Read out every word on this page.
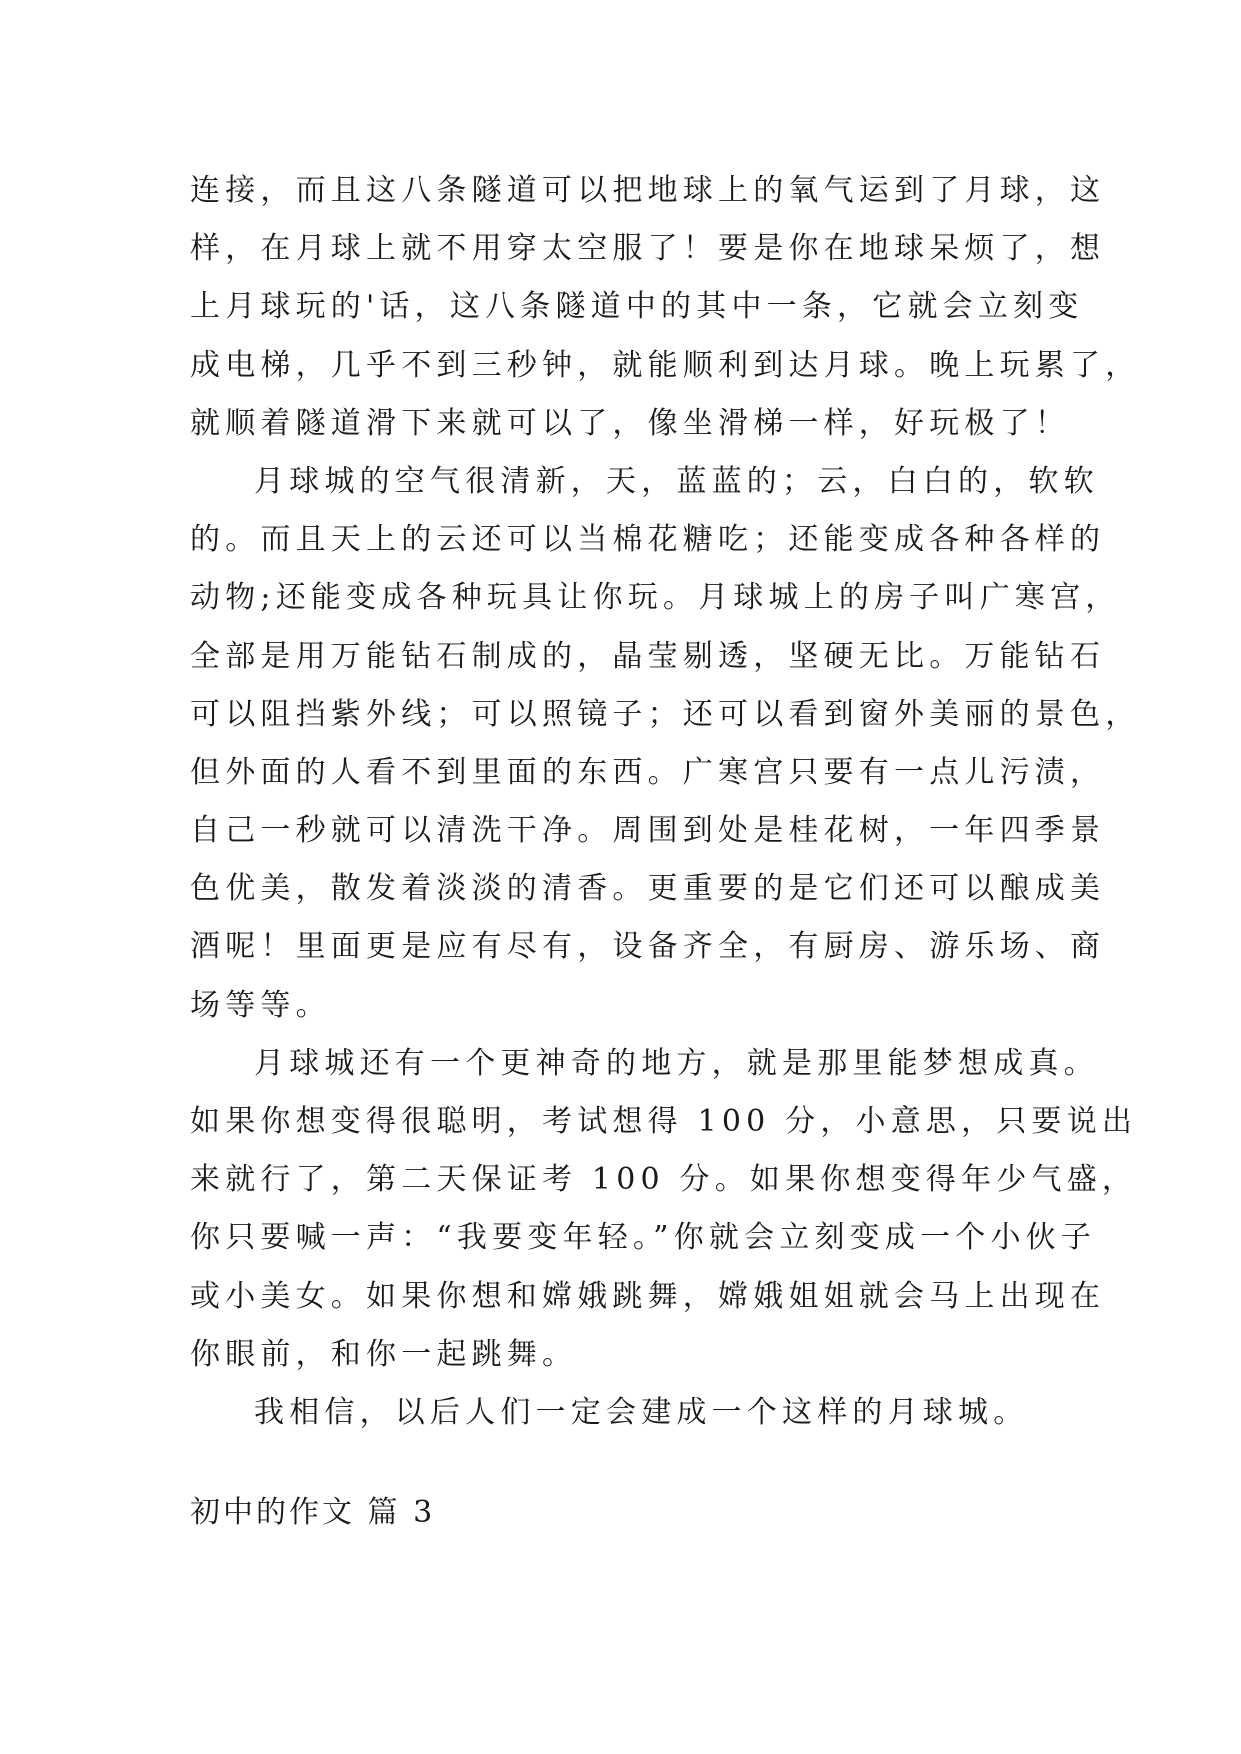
连接，而且这八条隧道可以把地球上的氧气运到了月球，这
样，在月球上就不用穿太空服了！要是你在地球呆烦了，想
上月球玩的'话，这八条隧道中的其中一条，它就会立刻变
成电梯，几乎不到三秒钟，就能顺利到达月球。晚上玩累了，
就顺着隧道滑下来就可以了，像坐滑梯一样，好玩极了！
月球城的空气很清新，天，蓝蓝的；云，白白的，软软
的。而且天上的云还可以当棉花糖吃；还能变成各种各样的
动物;还能变成各种玩具让你玩。月球城上的房子叫广寒宫，
全部是用万能钻石制成的，晶莹剔透，坚硬无比。万能钻石
可以阻挡紫外线；可以照镜子；还可以看到窗外美丽的景色，
但外面的人看不到里面的东西。广寒宫只要有一点儿污渍，
自己一秒就可以清洗干净。周围到处是桂花树，一年四季景
色优美，散发着淡淡的清香。更重要的是它们还可以酿成美
酒呢！里面更是应有尽有，设备齐全，有厨房、游乐场、商
场等等。
月球城还有一个更神奇的地方，就是那里能梦想成真。
如果你想变得很聪明，考试想得 100 分，小意思，只要说出
来就行了，第二天保证考 100 分。如果你想变得年少气盛，
你只要喊一声：“我要变年轻。”你就会立刻变成一个小伙子
或小美女。如果你想和嫦娥跳舞，嫦娥姐姐就会马上出现在
你眼前，和你一起跳舞。
我相信，以后人们一定会建成一个这样的月球城。
初中的作文 篇 3
